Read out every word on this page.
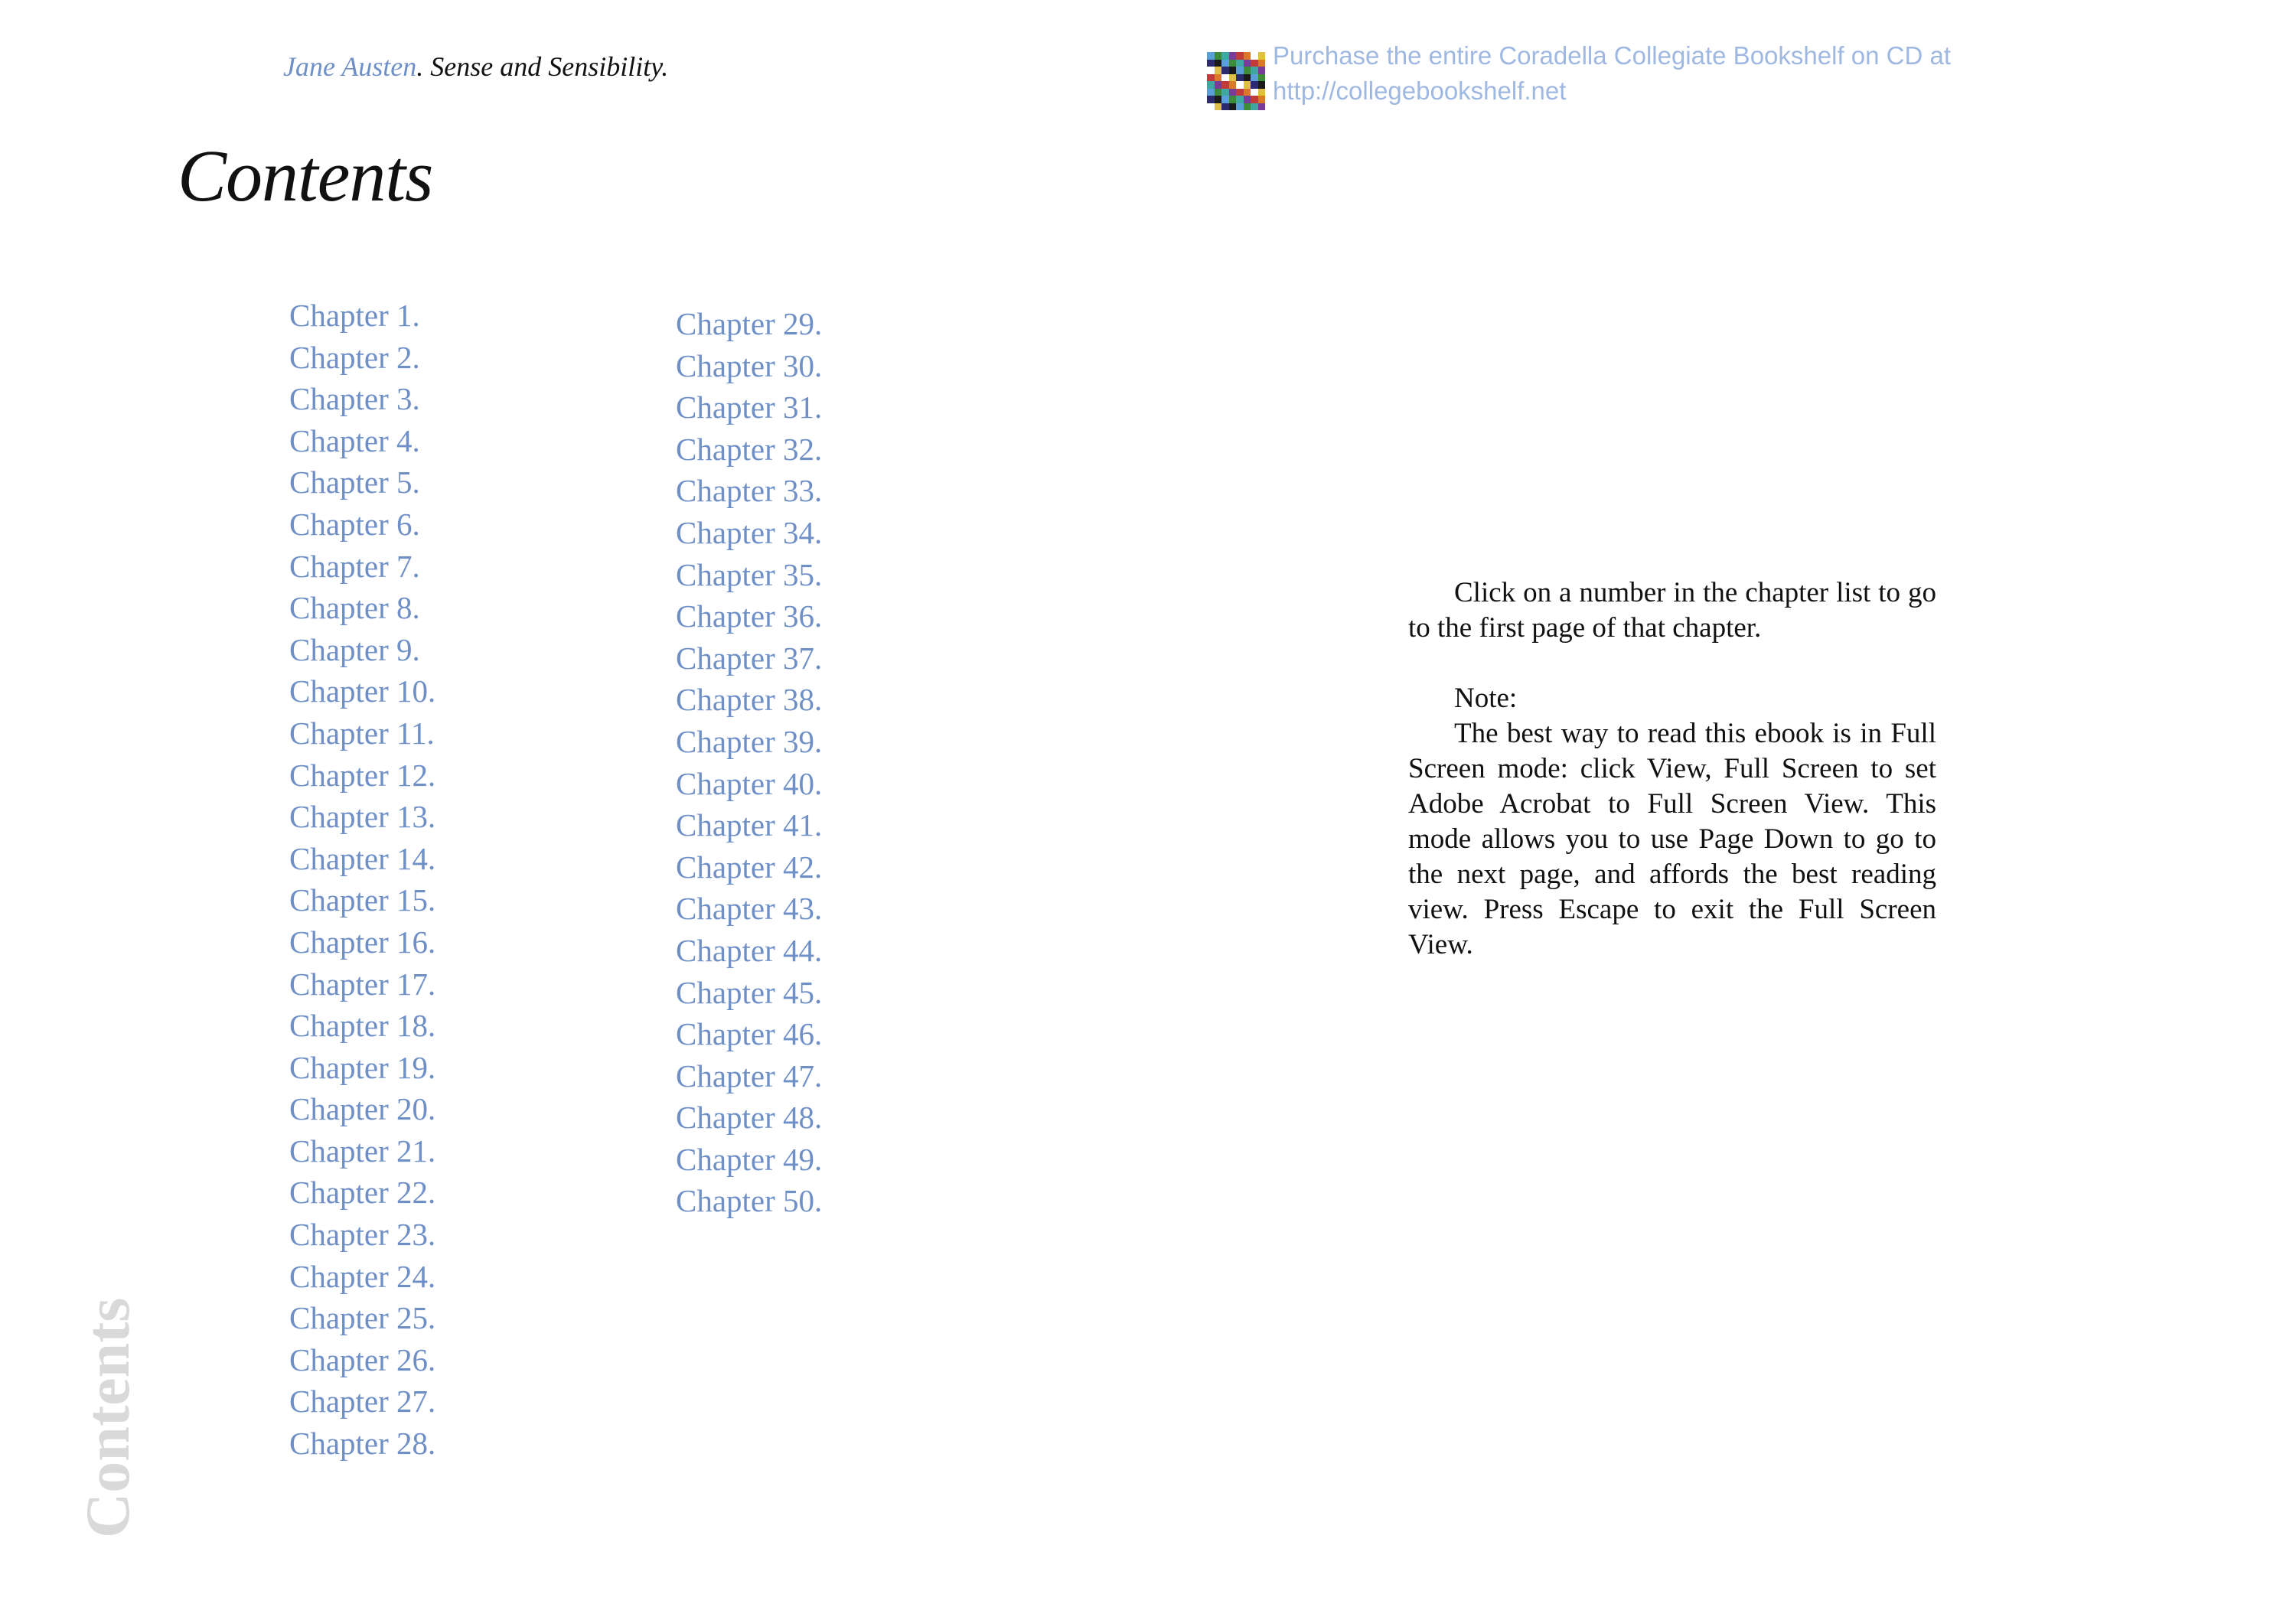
Jane Austen. Sense and Sensibility.	Purchase the entire Coradella Collegiate Bookshelf on CD at
http://collegebookshelf.net
Contents
Chapter 1.
Chapter 2.
Chapter 3.
Chapter 4.
Chapter 5.
Chapter 6.
Chapter 7.
Chapter 8.
Chapter 9.
Chapter 10.
Chapter 11.
Chapter 12.
Chapter 13.
Chapter 14.
Chapter 15.
Chapter 16.
Chapter 17.
Chapter 18.
Chapter 19.
Chapter 20.
Chapter 21.
Chapter 22.
Chapter 23.
Chapter 24.
Chapter 25.
Chapter 26.
Chapter 27.
Chapter 28.
Chapter 29.
Chapter 30.
Chapter 31.
Chapter 32.
Chapter 33.
Chapter 34.
Chapter 35.
Chapter 36.
Chapter 37.
Chapter 38.
Chapter 39.
Chapter 40.
Chapter 41.
Chapter 42.
Chapter 43.
Chapter 44.
Chapter 45.
Chapter 46.
Chapter 47.
Chapter 48.
Chapter 49.
Chapter 50.
Contents

Click on a number in the chapter list to go to the first page of that chapter.

Note:

The best way to read this ebook is in Full Screen mode: click View, Full Screen to set Adobe Acrobat to Full Screen View. This mode allows you to use Page Down to go to the next page, and affords the best reading view. Press Escape to exit the Full Screen View.
